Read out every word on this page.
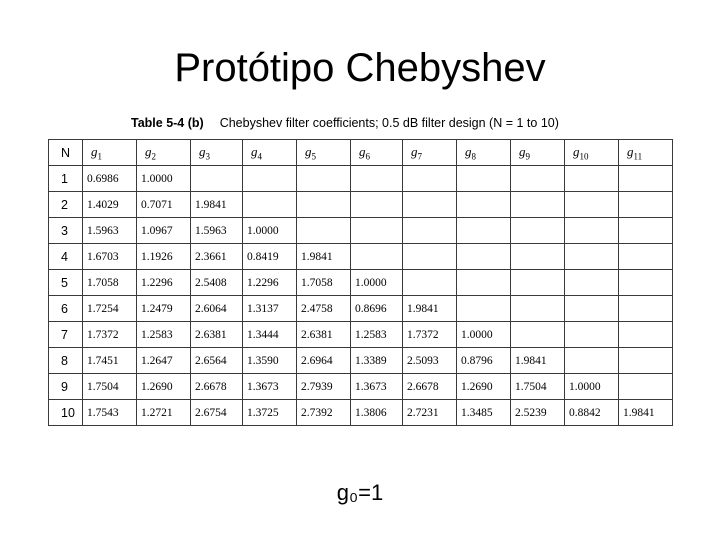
Protótipo Chebyshev
Table 5-4 (b) Chebyshev filter coefficients; 0.5 dB filter design (N = 1 to 10)
N	$g_1$	$g_2$	$g_3$	$g_4$	$g_5$	$g_6$	$g_7$	$g_8$	$g_9$	$g_{10}$	$g_{11}$
1	0.6986	1.0000									
2	1.4029	0.7071	1.9841								
3	1.5963	1.0967	1.5963	1.0000							
4	1.6703	1.1926	2.3661	0.8419	1.9841						
5	1.7058	1.2296	2.5408	1.2296	1.7058	1.0000					
6	1.7254	1.2479	2.6064	1.3137	2.4758	0.8696	1.9841				
7	1.7372	1.2583	2.6381	1.3444	2.6381	1.2583	1.7372	1.0000			
8	1.7451	1.2647	2.6564	1.3590	2.6964	1.3389	2.5093	0.8796	1.9841		
9	1.7504	1.2690	2.6678	1.3673	2.7939	1.3673	2.6678	1.2690	1.7504	1.0000	
10	1.7543	1.2721	2.6754	1.3725	2.7392	1.3806	2.7231	1.3485	2.5239	0.8842	1.9841
g₀=1
